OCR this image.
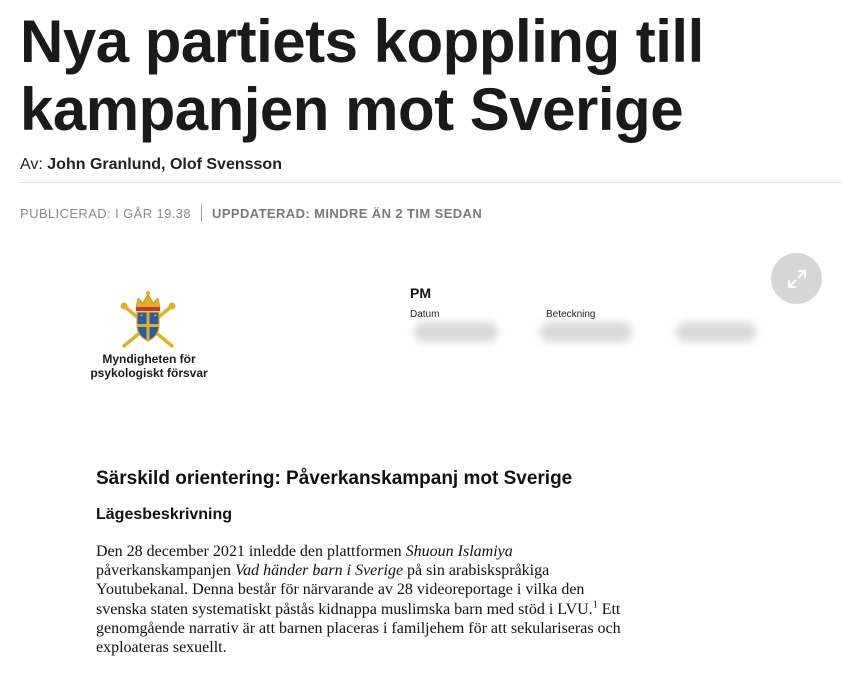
Nya partiets koppling till
kampanjen mot Sverige
Av: John Granlund, Olof Svensson
PUBLICERAD: I GÅR 19.38 UPPDATERAD: MINDRE ÄN 2 TIM SEDAN
Myndigheten för
psykologiskt försvar
PM
Datum	Beteckning
Särskild orientering: Påverkanskampanj mot Sverige
Lägesbeskrivning
Den 28 december 2021 inledde den plattformen Shuoun Islamiya
påverkanskampanjen Vad händer barn i Sverige på sin arabiskspråkiga
Youtubekanal. Denna består för närvarande av 28 videoreportage i vilka den
svenska staten systematiskt påstås kidnappa muslimska barn med stöd i LVU.$^1$ Ett
genomgående narrativ är att barnen placeras i familjehem för att sekulariseras och
exploateras sexuellt.
